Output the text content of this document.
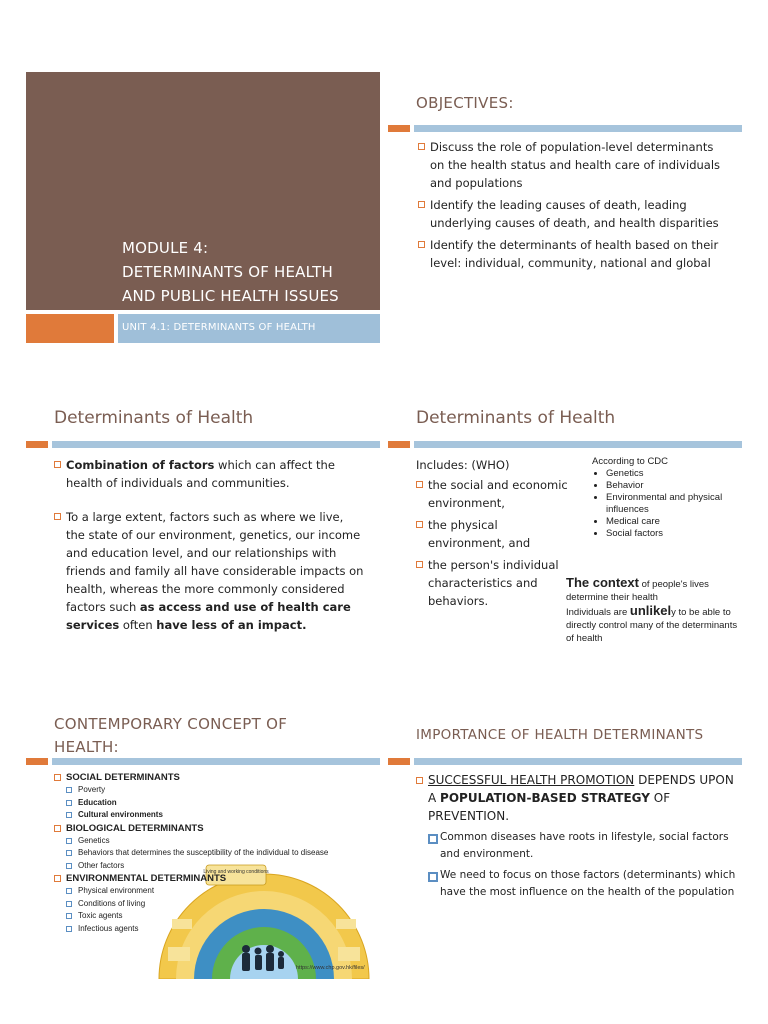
MODULE 4:
DETERMINANTS OF HEALTH
AND PUBLIC HEALTH ISSUES
UNIT 4.1: DETERMINANTS OF HEALTH
OBJECTIVES:
Discuss the role of population-level determinants on the health status and health care of individuals and populations
Identify the leading causes of death, leading underlying causes of death, and health disparities
Identify the determinants of health based on their level: individual, community, national and global
Determinants of Health
Combination of factors which can affect the health of individuals and communities.
To a large extent, factors such as where we live, the state of our environment, genetics, our income and education level, and our relationships with friends and family all have considerable impacts on health, whereas the more commonly considered factors such as access and use of health care services often have less of an impact.
Determinants of Health
Includes: (WHO)
the social and economic environment,
the physical environment, and
the person's individual characteristics and behaviors.
According to CDC
• Genetics
• Behavior
• Environmental and physical influences
• Medical care
• Social factors
The context of people's lives determine their health
Individuals are unlikely to be able to directly control many of the determinants of health
CONTEMPORARY CONCEPT OF
HEALTH:
Living and working conditions
SOCIAL DETERMINANTS
Poverty
Education
Cultural environments
BIOLOGICAL DETERMINANTS
Genetics
Behaviors that determines the susceptibility of the individual to disease
Other factors
ENVIRONMENTAL DETERMINANTS
Physical environment
Conditions of living
Toxic agents
Infectious agents
https://www.chp.gov.hk/files/
IMPORTANCE OF HEALTH DETERMINANTS
SUCCESSFUL HEALTH PROMOTION DEPENDS UPON A POPULATION-BASED STRATEGY OF PREVENTION.
Common diseases have roots in lifestyle, social factors and environment.
We need to focus on those factors (determinants) which have the most influence on the health of the population
